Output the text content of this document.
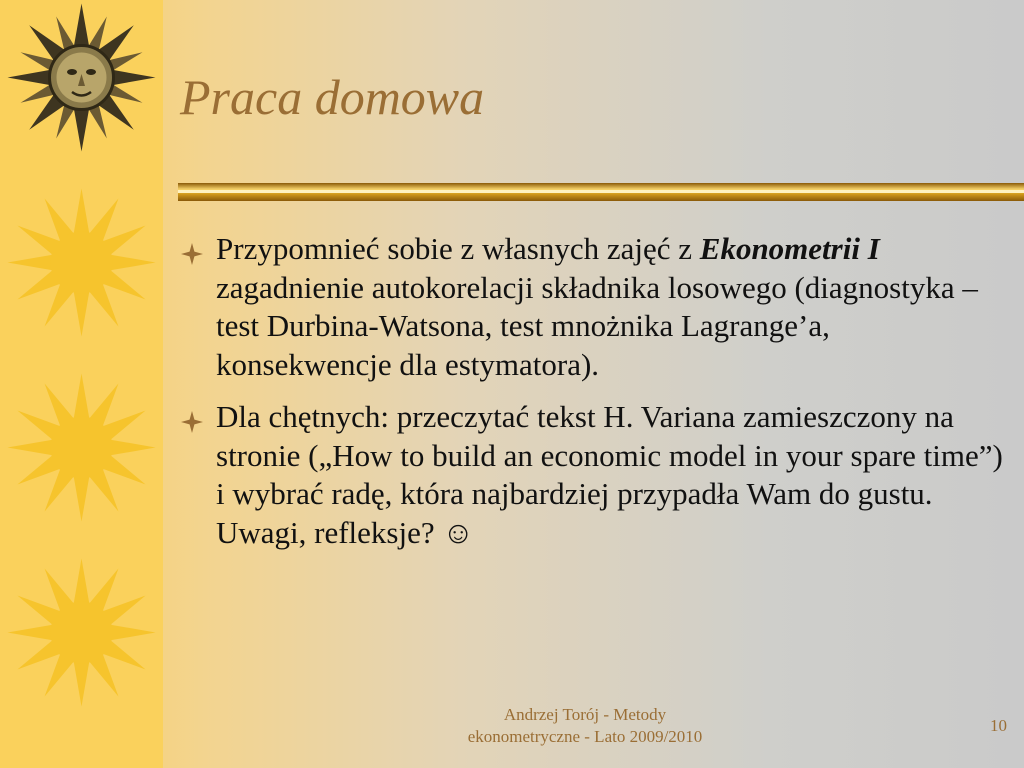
Praca domowa
Przypomnieć sobie z własnych zajęć z Ekonometrii I zagadnienie autokorelacji składnika losowego (diagnostyka – test Durbina-Watsona, test mnożnika Lagrange’a, konsekwencje dla estymatora).
Dla chętnych: przeczytać tekst H. Variana zamieszczony na stronie („How to build an economic model in your spare time”) i wybrać radę, która najbardziej przypadła Wam do gustu. Uwagi, refleksje? ☺
Andrzej Torój - Metody
ekonometryczne - Lato 2009/2010
10
